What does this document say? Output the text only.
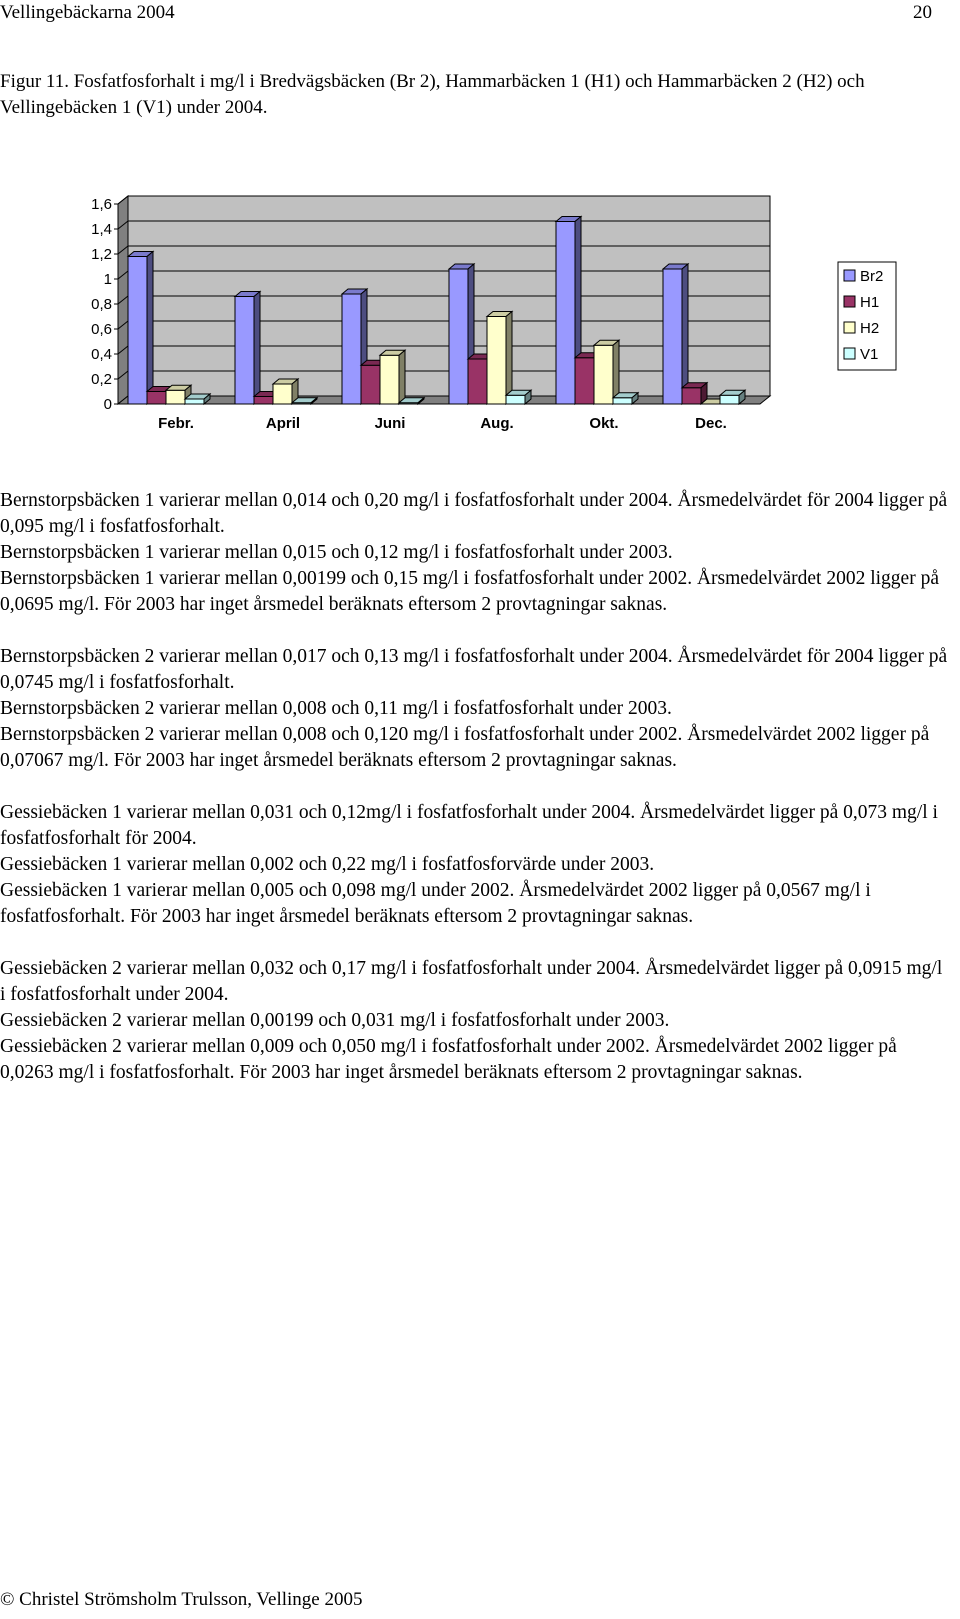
Vellingebäckarna 2004	20
Figur 11. Fosfatfosforhalt i mg/l i Bredvägsbäcken (Br 2), Hammarbäcken 1 (H1) och Hammarbäcken 2 (H2) och Vellingebäcken 1 (V1) under 2004.
0
0,2
0,4
0,6
0,8
1
1,2
1,4
1,6
Febr.	April	Juni	Aug.	Okt.	Dec.
Br2
H1
H2
V1

Bernstorpsbäcken 1 varierar mellan 0,014 och 0,20 mg/l i fosfatfosforhalt under 2004. Årsmedelvärdet för 2004 ligger på 0,095 mg/l i fosfatfosforhalt.
Bernstorpsbäcken 1 varierar mellan 0,015 och 0,12 mg/l i fosfatfosforhalt under 2003.
Bernstorpsbäcken 1 varierar mellan 0,00199 och 0,15 mg/l i fosfatfosforhalt under 2002. Årsmedelvärdet 2002 ligger på 0,0695 mg/l. För 2003 har inget årsmedel beräknats eftersom 2 provtagningar saknas.

Bernstorpsbäcken 2 varierar mellan 0,017 och 0,13 mg/l i fosfatfosforhalt under 2004. Årsmedelvärdet för 2004 ligger på 0,0745 mg/l i fosfatfosforhalt.
Bernstorpsbäcken 2 varierar mellan 0,008 och 0,11 mg/l i fosfatfosforhalt under 2003.
Bernstorpsbäcken 2 varierar mellan 0,008 och 0,120 mg/l i fosfatfosforhalt under 2002. Årsmedelvärdet 2002 ligger på 0,07067 mg/l. För 2003 har inget årsmedel beräknats eftersom 2 provtagningar saknas.

Gessiebäcken 1 varierar mellan 0,031 och 0,12mg/l i fosfatfosforhalt under 2004. Årsmedelvärdet ligger på 0,073 mg/l i fosfatfosforhalt för 2004.
Gessiebäcken 1 varierar mellan 0,002 och 0,22 mg/l i fosfatfosforvärde under 2003.
Gessiebäcken 1 varierar mellan 0,005 och 0,098 mg/l under 2002. Årsmedelvärdet 2002 ligger på 0,0567 mg/l i fosfatfosforhalt. För 2003 har inget årsmedel beräknats eftersom 2 provtagningar saknas.

Gessiebäcken 2 varierar mellan 0,032 och 0,17 mg/l i fosfatfosforhalt under 2004. Årsmedelvärdet ligger på 0,0915 mg/l i fosfatfosforhalt under 2004.
Gessiebäcken 2 varierar mellan 0,00199 och 0,031 mg/l i fosfatfosforhalt under 2003.
Gessiebäcken 2 varierar mellan 0,009 och 0,050 mg/l i fosfatfosforhalt under 2002. Årsmedelvärdet 2002 ligger på 0,0263 mg/l i fosfatfosforhalt. För 2003 har inget årsmedel beräknats eftersom 2 provtagningar saknas.

© Christel Strömsholm Trulsson, Vellinge 2005
